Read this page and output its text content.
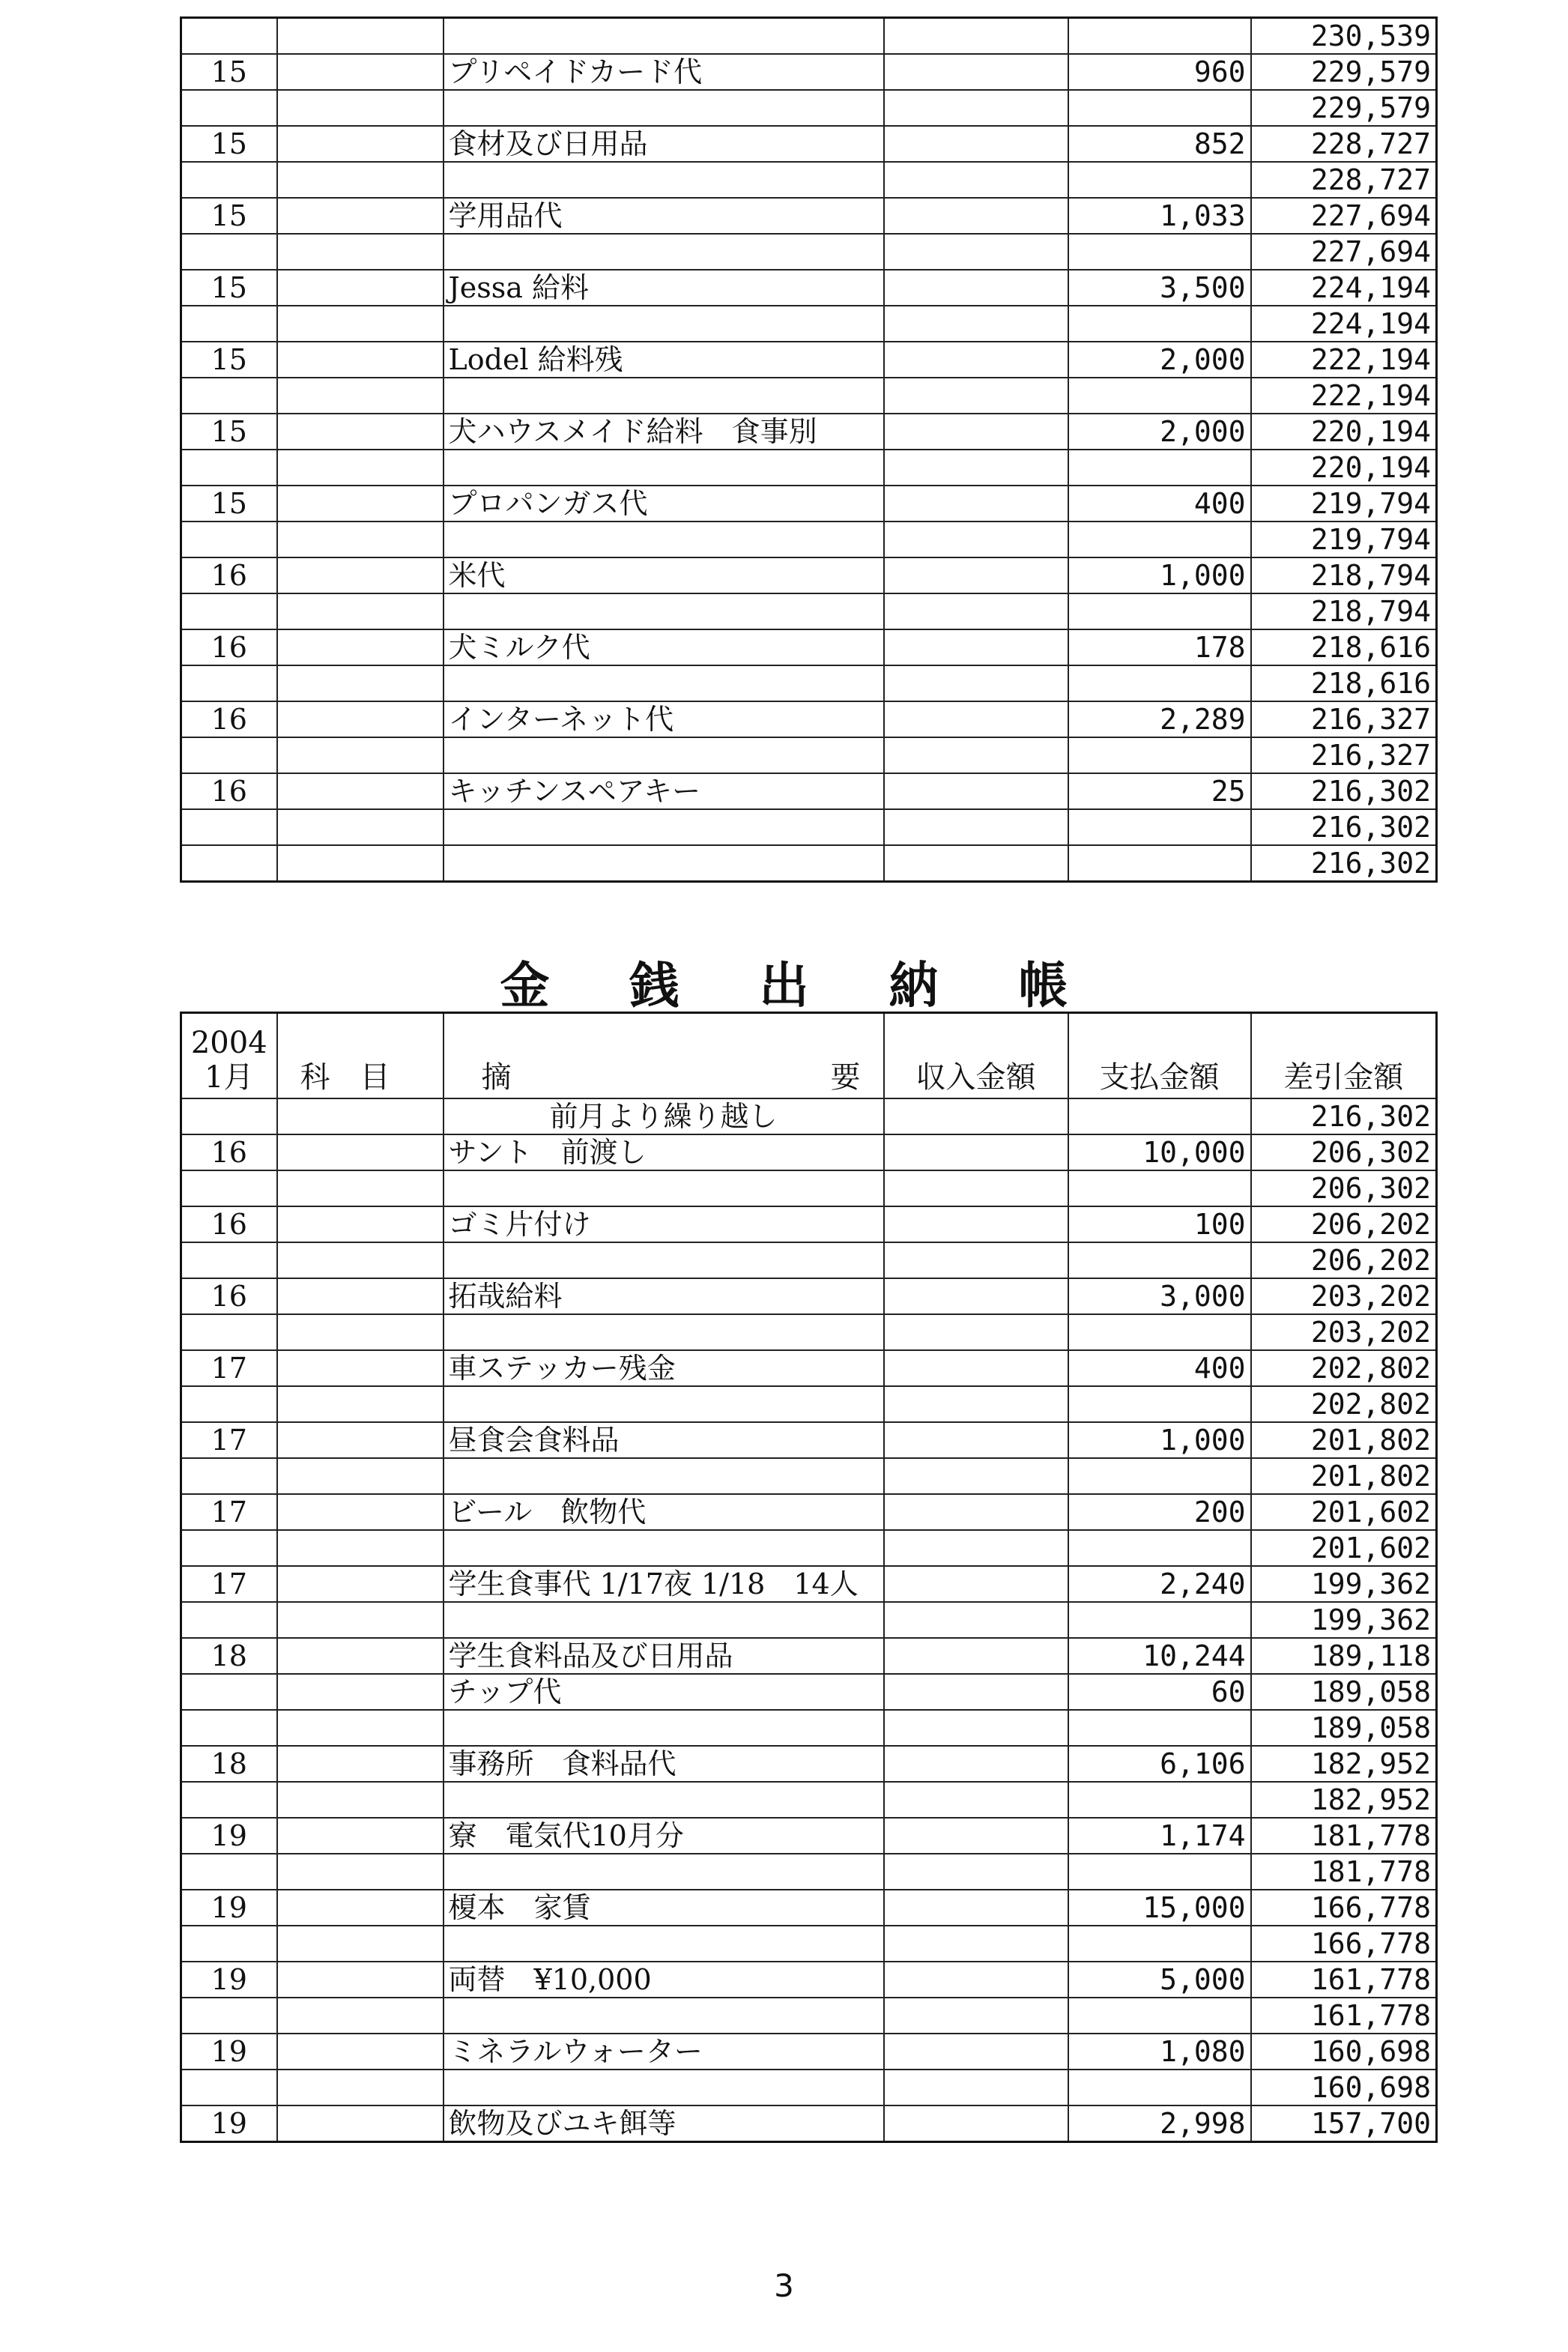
					230,539
15		プリペイドカード代		960	229,579
					229,579
15		食材及び日用品		852	228,727
					228,727
15		学用品代		1,033	227,694
					227,694
15		Jessa 給料		3,500	224,194
					224,194
15		Lodel 給料残		2,000	222,194
					222,194
15		犬ハウスメイド給料　食事別		2,000	220,194
					220,194
15		プロパンガス代		400	219,794
					219,794
16		米代		1,000	218,794
					218,794
16		犬ミルク代		178	218,616
					218,616
16		インターネット代		2,289	216,327
					216,327
16		キッチンスペアキー		25	216,302
					216,302
					216,302
金 銭 出 納 帳
2004
1月	科目	摘 要	収入金額	支払金額	差引金額
		前月より繰り越し			216,302
16		サント　前渡し		10,000	206,302
					206,302
16		ゴミ片付け		100	206,202
					206,202
16		拓哉給料		3,000	203,202
					203,202
17		車ステッカー残金		400	202,802
					202,802
17		昼食会食料品		1,000	201,802
					201,802
17		ビール　飲物代		200	201,602
					201,602
17		学生食事代 1/17夜 1/18　14人		2,240	199,362
					199,362
18		学生食料品及び日用品		10,244	189,118
		チップ代		60	189,058
					189,058
18		事務所　食料品代		6,106	182,952
					182,952
19		寮　電気代10月分		1,174	181,778
					181,778
19		榎本　家賃		15,000	166,778
					166,778
19		両替　¥10,000		5,000	161,778
					161,778
19		ミネラルウォーター		1,080	160,698
					160,698
19		飲物及びユキ餌等		2,998	157,700
3
